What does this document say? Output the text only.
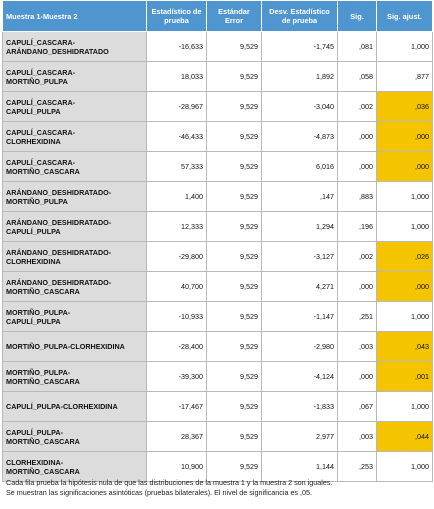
Muestra 1-Muestra 2	Estadístico de prueba	Estándar Error	Desv. Estadístico de prueba	Sig.	Sig. ajust.

CAPULÍ_CASCARA-
ARÁNDANO_DESHIDRATADO	-16,633	9,529	-1,745	,081	1,000

CAPULÍ_CASCARA-
MORTIÑO_PULPA	18,033	9,529	1,892	,058	,877

CAPULÍ_CASCARA-
CAPULÍ_PULPA	-28,967	9,529	-3,040	,002	,036

CAPULÍ_CASCARA-
CLORHEXIDINA	-46,433	9,529	-4,873	,000	,000

CAPULÍ_CASCARA-
MORTIÑO_CASCARA	57,333	9,529	6,016	,000	,000

ARÁNDANO_DESHIDRATADO-
MORTIÑO_PULPA	1,400	9,529	,147	,883	1,000

ARÁNDANO_DESHIDRATADO-
CAPULÍ_PULPA	12,333	9,529	1,294	,196	1,000

ARÁNDANO_DESHIDRATADO-
CLORHEXIDINA	-29,800	9,529	-3,127	,002	,026

ARÁNDANO_DESHIDRATADO-
MORTIÑO_CASCARA	40,700	9,529	4,271	,000	,000

MORTIÑO_PULPA-
CAPULÍ_PULPA	-10,933	9,529	-1,147	,251	1,000

MORTIÑO_PULPA-CLORHEXIDINA	-28,400	9,529	-2,980	,003	,043

MORTIÑO_PULPA-
MORTIÑO_CASCARA	-39,300	9,529	-4,124	,000	,001

CAPULÍ_PULPA-CLORHEXIDINA	-17,467	9,529	-1,833	,067	1,000

CAPULÍ_PULPA-
MORTIÑO_CASCARA	28,367	9,529	2,977	,003	,044

CLORHEXIDINA-
MORTIÑO_CASCARA	10,900	9,529	1,144	,253	1,000
Cada fila prueba la hipótesis nula de que las distribuciones de la muestra 1 y la muestra 2 son iguales.
Se muestran las significaciones asintóticas (pruebas bilaterales). El nivel de significancia es ,05.
